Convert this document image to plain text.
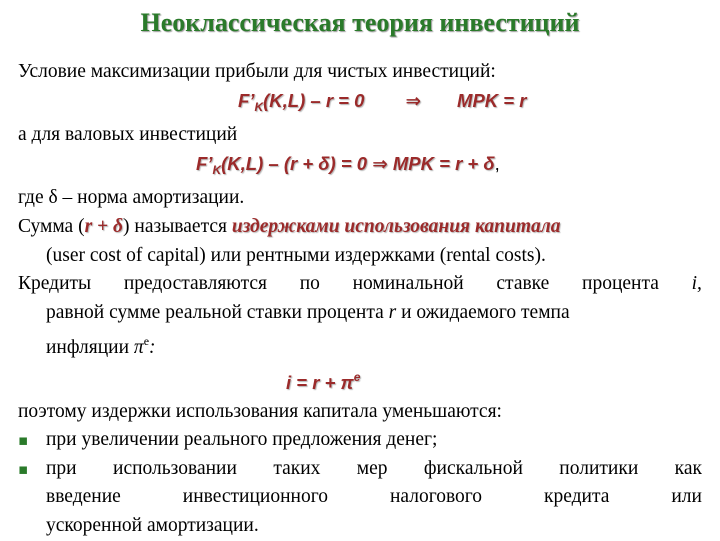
Неоклассическая теория инвестиций
Условие максимизации прибыли для чистых инвестиций:
$F’_K(K,L) - r = 0$ ⇒ MPK = r
а для валовых инвестиций
$F’_K(K,L) - (r + \delta) = 0$ ⇒ MPK = r + δ,
где δ – норма амортизации.
Сумма (r + δ) называется издержками использования капитала
(user cost of capital) или рентными издержками (rental costs).
Кредиты предоставляются по номинальной ставке процента i,
равной сумме реальной ставки процента r и ожидаемого темпа
инфляции $\pi^e$:
$i = r + \pi^e$
поэтому издержки использования капитала уменьшаются:
▪ при увеличении реального предложения денег;
▪ при использовании таких мер фискальной политики как
введение	инвестиционного	налогового	кредита	или
ускоренной амортизации.
